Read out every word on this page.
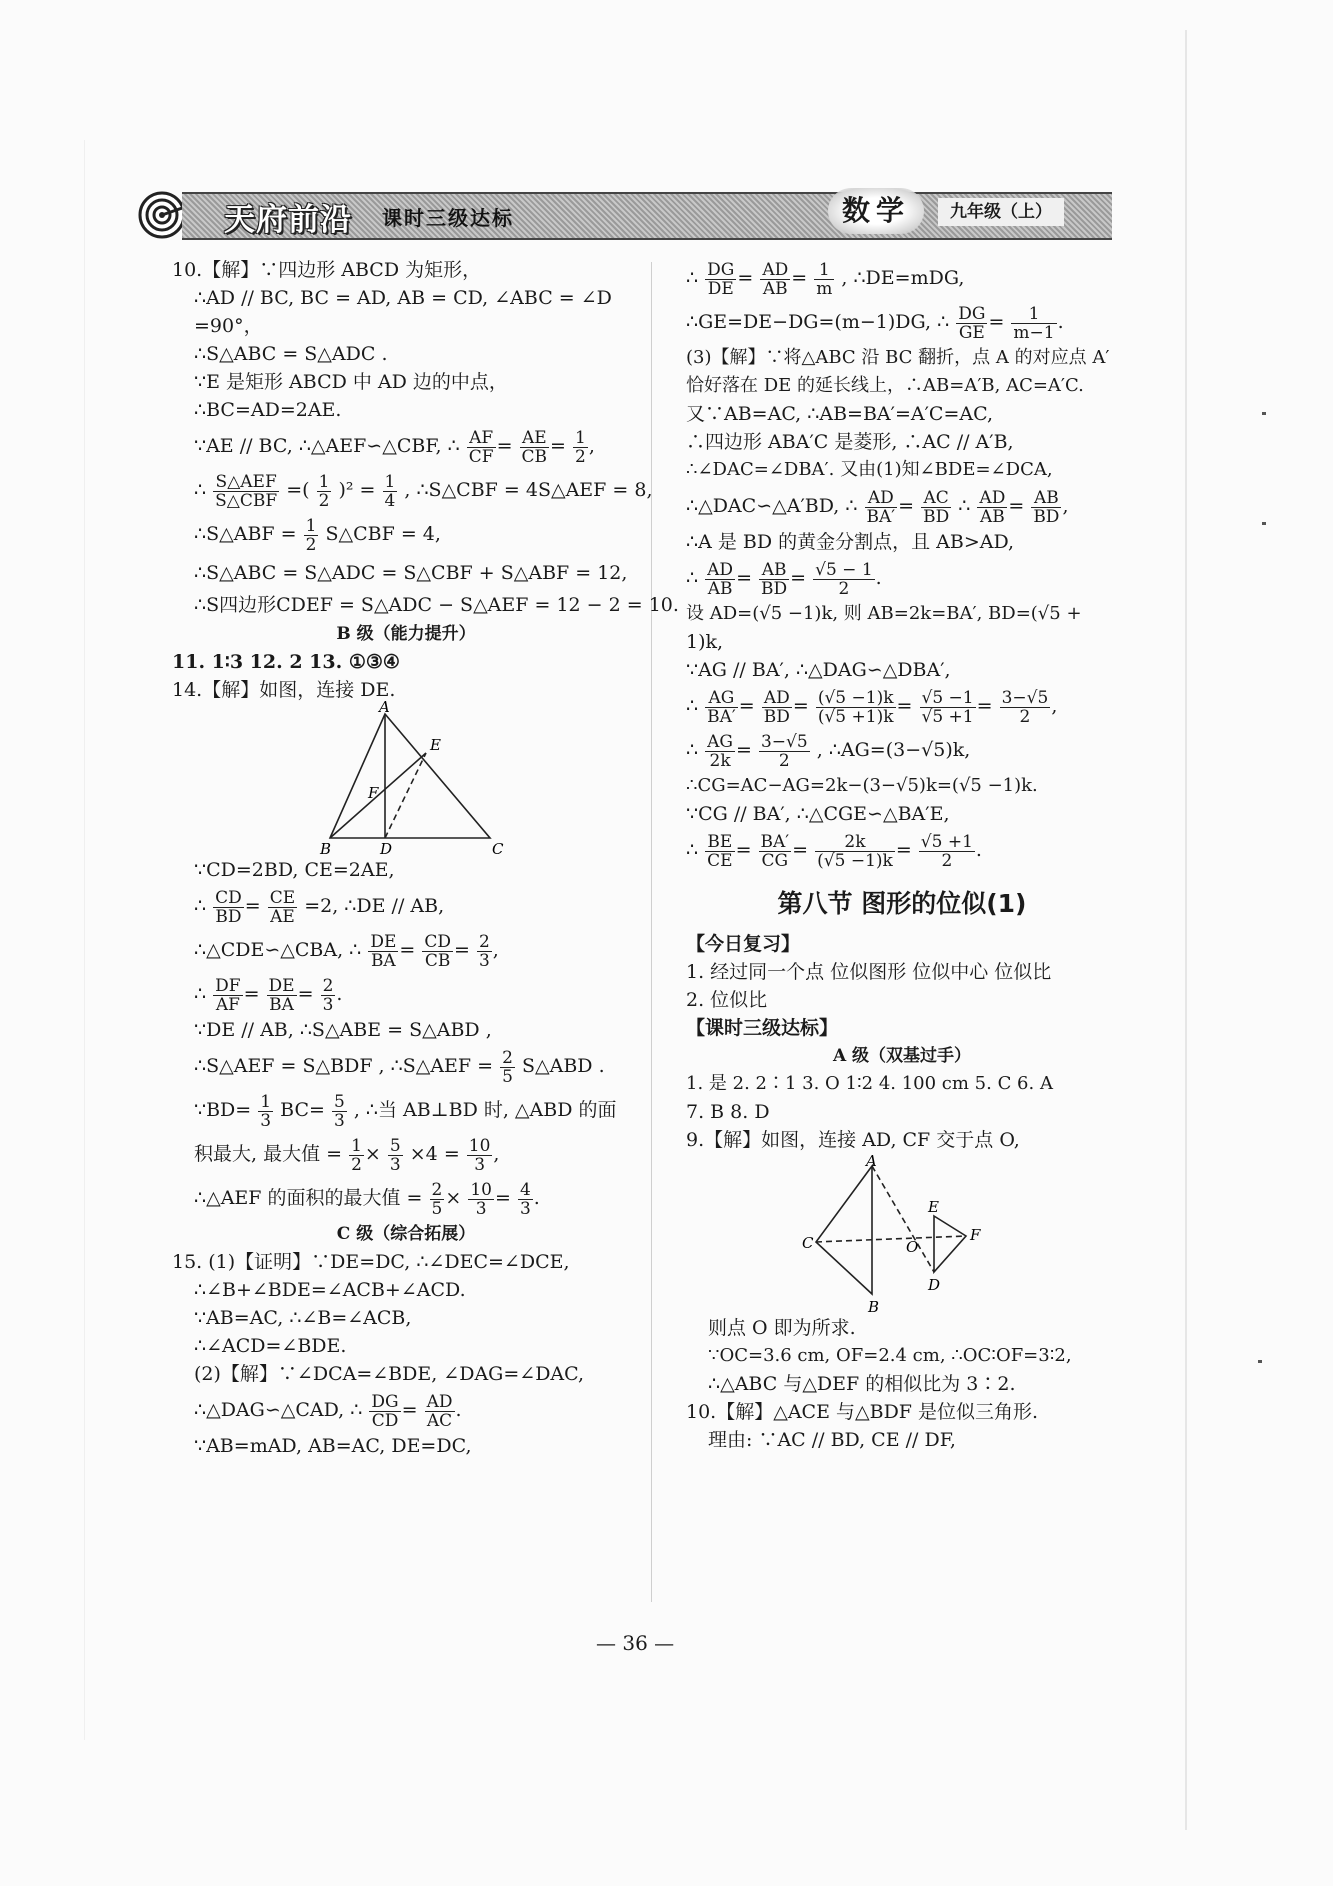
天府前沿 课时三级达标	数学	九年级（上）
10.【解】∵四边形 ABCD 为矩形，
∴AD // BC, BC = AD, AB = CD, ∠ABC = ∠D
=90°，
∴S△ABC = S△ADC .
∵E 是矩形 ABCD 中 AD 边的中点，
∴BC=AD=2AE.
∵AE // BC, ∴△AEF∽△CBF, ∴ $\frac{AF}{CF} = \frac{AE}{CB} = \frac{1}{2}$ ,
∴ $\frac{\text{S△AEF}}{\text{S△CBF}}$ =( $\frac{1}{2} )^2 = \frac{1}{4}$ , ∴S△CBF = 4S△AEF = 8,
∴S△ABF = $\frac{1}{2}$ S△CBF = 4,
∴S△ABC = S△ADC = S△CBF + S△ABF = 12,
∴S四边形CDEF = S△ADC − S△AEF = 12 − 2 = 10.
B 级（能力提升）
11. 1∶3 12. 2 13. ①③④
14.【解】如图，连接 DE.
A
E
F
B	D	C
∵CD=2BD, CE=2AE,
∴ $\frac{CD}{BD} = \frac{CE}{AE} =2$, ∴DE // AB,
∴△CDE∽△CBA, ∴ $\frac{DE}{BA} = \frac{CD}{CB} = \frac{2}{3}$ ,
∴ $\frac{DF}{AF} = \frac{DE}{BA} = \frac{2}{3}$ .
∵DE // AB, ∴S△ABE = S△ABD ,
∴S△AEF = S△BDF , ∴S△AEF = $\frac{2}{5}$ S△ABD .
∵BD= $\frac{1}{3} BC= \frac{5}{3}$ , ∴当 AB⊥BD 时, △ABD 的面
积最大, 最大值 = $\frac{1}{2} \times \frac{5}{3} \times 4 = \frac{10}{3}$ ,
∴△AEF 的面积的最大值 = $\frac{2}{5} \times \frac{10}{3} = \frac{4}{3}$ .
C 级（综合拓展）
15. (1)【证明】∵DE=DC, ∴∠DEC=∠DCE,
∴∠B+∠BDE=∠ACB+∠ACD.
∵AB=AC, ∴∠B=∠ACB,
∴∠ACD=∠BDE.
(2)【解】∵∠DCA=∠BDE, ∠DAG=∠DAC,
∴△DAG∽△CAD, ∴ $\frac{DG}{CD} = \frac{AD}{AC}$ .
∵AB=mAD, AB=AC, DE=DC,
∴ $\frac{DG}{DE} = \frac{AD}{AB} = \frac{1}{m}$ , ∴DE=mDG,
∴GE=DE−DG=(m−1)DG, ∴ $\frac{DG}{GE} = \frac{1}{m-1}$ .
(3)【解】∵将△ABC 沿 BC 翻折，点 A 的对应点 A′
恰好落在 DE 的延长线上，∴AB=A′B, AC=A′C.
又∵AB=AC, ∴AB=BA′=A′C=AC,
∴四边形 ABA′C 是菱形, ∴AC // A′B,
∴∠DAC=∠DBA′. 又由(1)知∠BDE=∠DCA,
∴△DAC∽△A′BD, ∴ $\frac{AD}{BA'} = \frac{AC}{BD}$ ∴ $\frac{AD}{AB} = \frac{AB}{BD}$ ,
∴A 是 BD 的黄金分割点，且 AB>AD,
∴ $\frac{AD}{AB} = \frac{AB}{BD} = \frac{√5 - 1}{2}$ .
设 AD=(√5 −1)k, 则 AB=2k=BA′, BD=(√5 +
1)k,
∵AG // BA′, ∴△DAG∽△DBA′,
∴ $\frac{AG}{BA'} = \frac{AD}{BD} = \frac{(√5 -1)k}{(√5 +1)k} = \frac{√5 -1}{√5 +1} = \frac{3-√5}{2}$ ,
∴ $\frac{AG}{2k} = \frac{3-√5}{2}$ , ∴AG=(3−√5)k,
∴CG=AC−AG=2k−(3−√5)k=(√5 −1)k.
∵CG // BA′, ∴△CGE∽△BA′E,
∴ $\frac{BE}{CE} = \frac{BA'}{CG} = \frac{2k}{(√5 -1)k} = \frac{√5 +1}{2}$ .
第八节 图形的位似(1)
【今日复习】
1. 经过同一个点 位似图形 位似中心 位似比
2. 位似比
【课时三级达标】
A 级（双基过手）
1. 是 2. 2∶1 3. O 1∶2 4. 100 cm 5. C 6. A
7. B 8. D
9.【解】如图，连接 AD, CF 交于点 O,
A
C
B
O
E
F
D
则点 O 即为所求.
∵OC=3.6 cm, OF=2.4 cm, ∴OC∶OF=3∶2,
∴△ABC 与△DEF 的相似比为 3∶2.
10.【解】△ACE 与△BDF 是位似三角形.
理由: ∵AC // BD, CE // DF,
— 36 —
